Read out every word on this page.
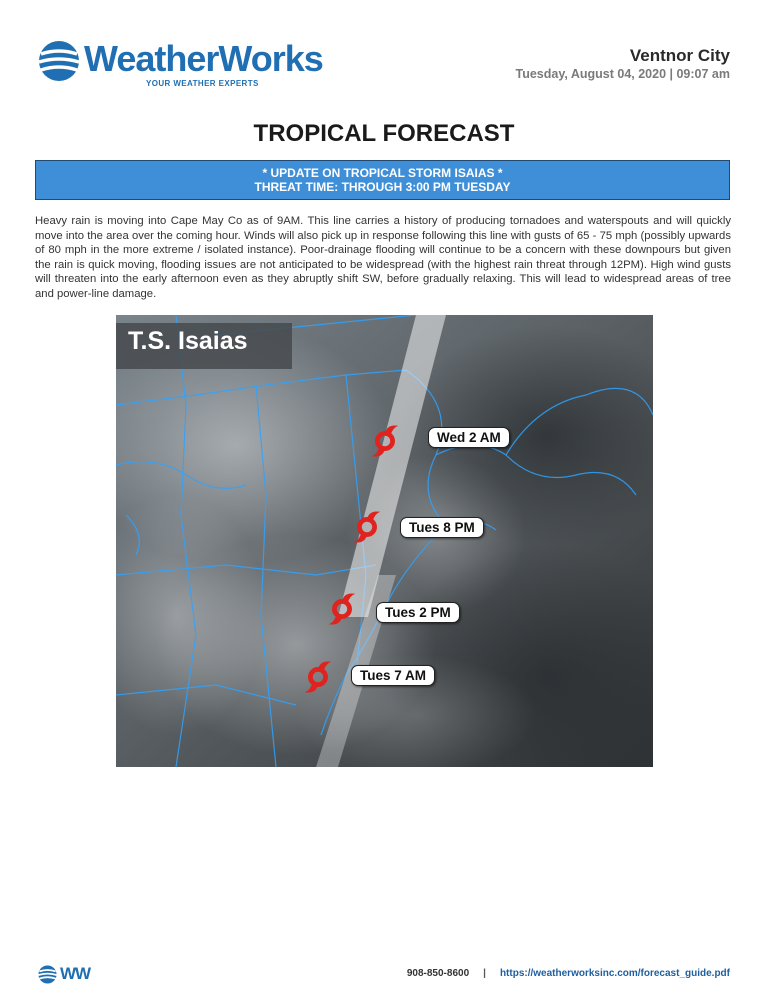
WeatherWorks
YOUR WEATHER EXPERTS
Ventnor City
Tuesday, August 04, 2020 | 09:07 am
TROPICAL FORECAST
* UPDATE ON TROPICAL STORM ISAIAS *
THREAT TIME: THROUGH 3:00 PM TUESDAY
Heavy rain is moving into Cape May Co as of 9AM. This line carries a history of producing tornadoes and waterspouts and will quickly move into the area over the coming hour. Winds will also pick up in response following this line with gusts of 65 - 75 mph (possibly upwards of 80 mph in the more extreme / isolated instance). Poor-drainage flooding will continue to be a concern with these downpours but given the rain is quick moving, flooding issues are not anticipated to be widespread (with the highest rain threat through 12PM). High wind gusts will threaten into the early afternoon even as they abruptly shift SW, before gradually relaxing. This will lead to widespread areas of tree and power-line damage.
T.S. Isaias
Wed 2 AM
Tues 8 PM
Tues 2 PM
Tues 7 AM
WW	908-850-8600 | https://weatherworksinc.com/forecast_guide.pdf
